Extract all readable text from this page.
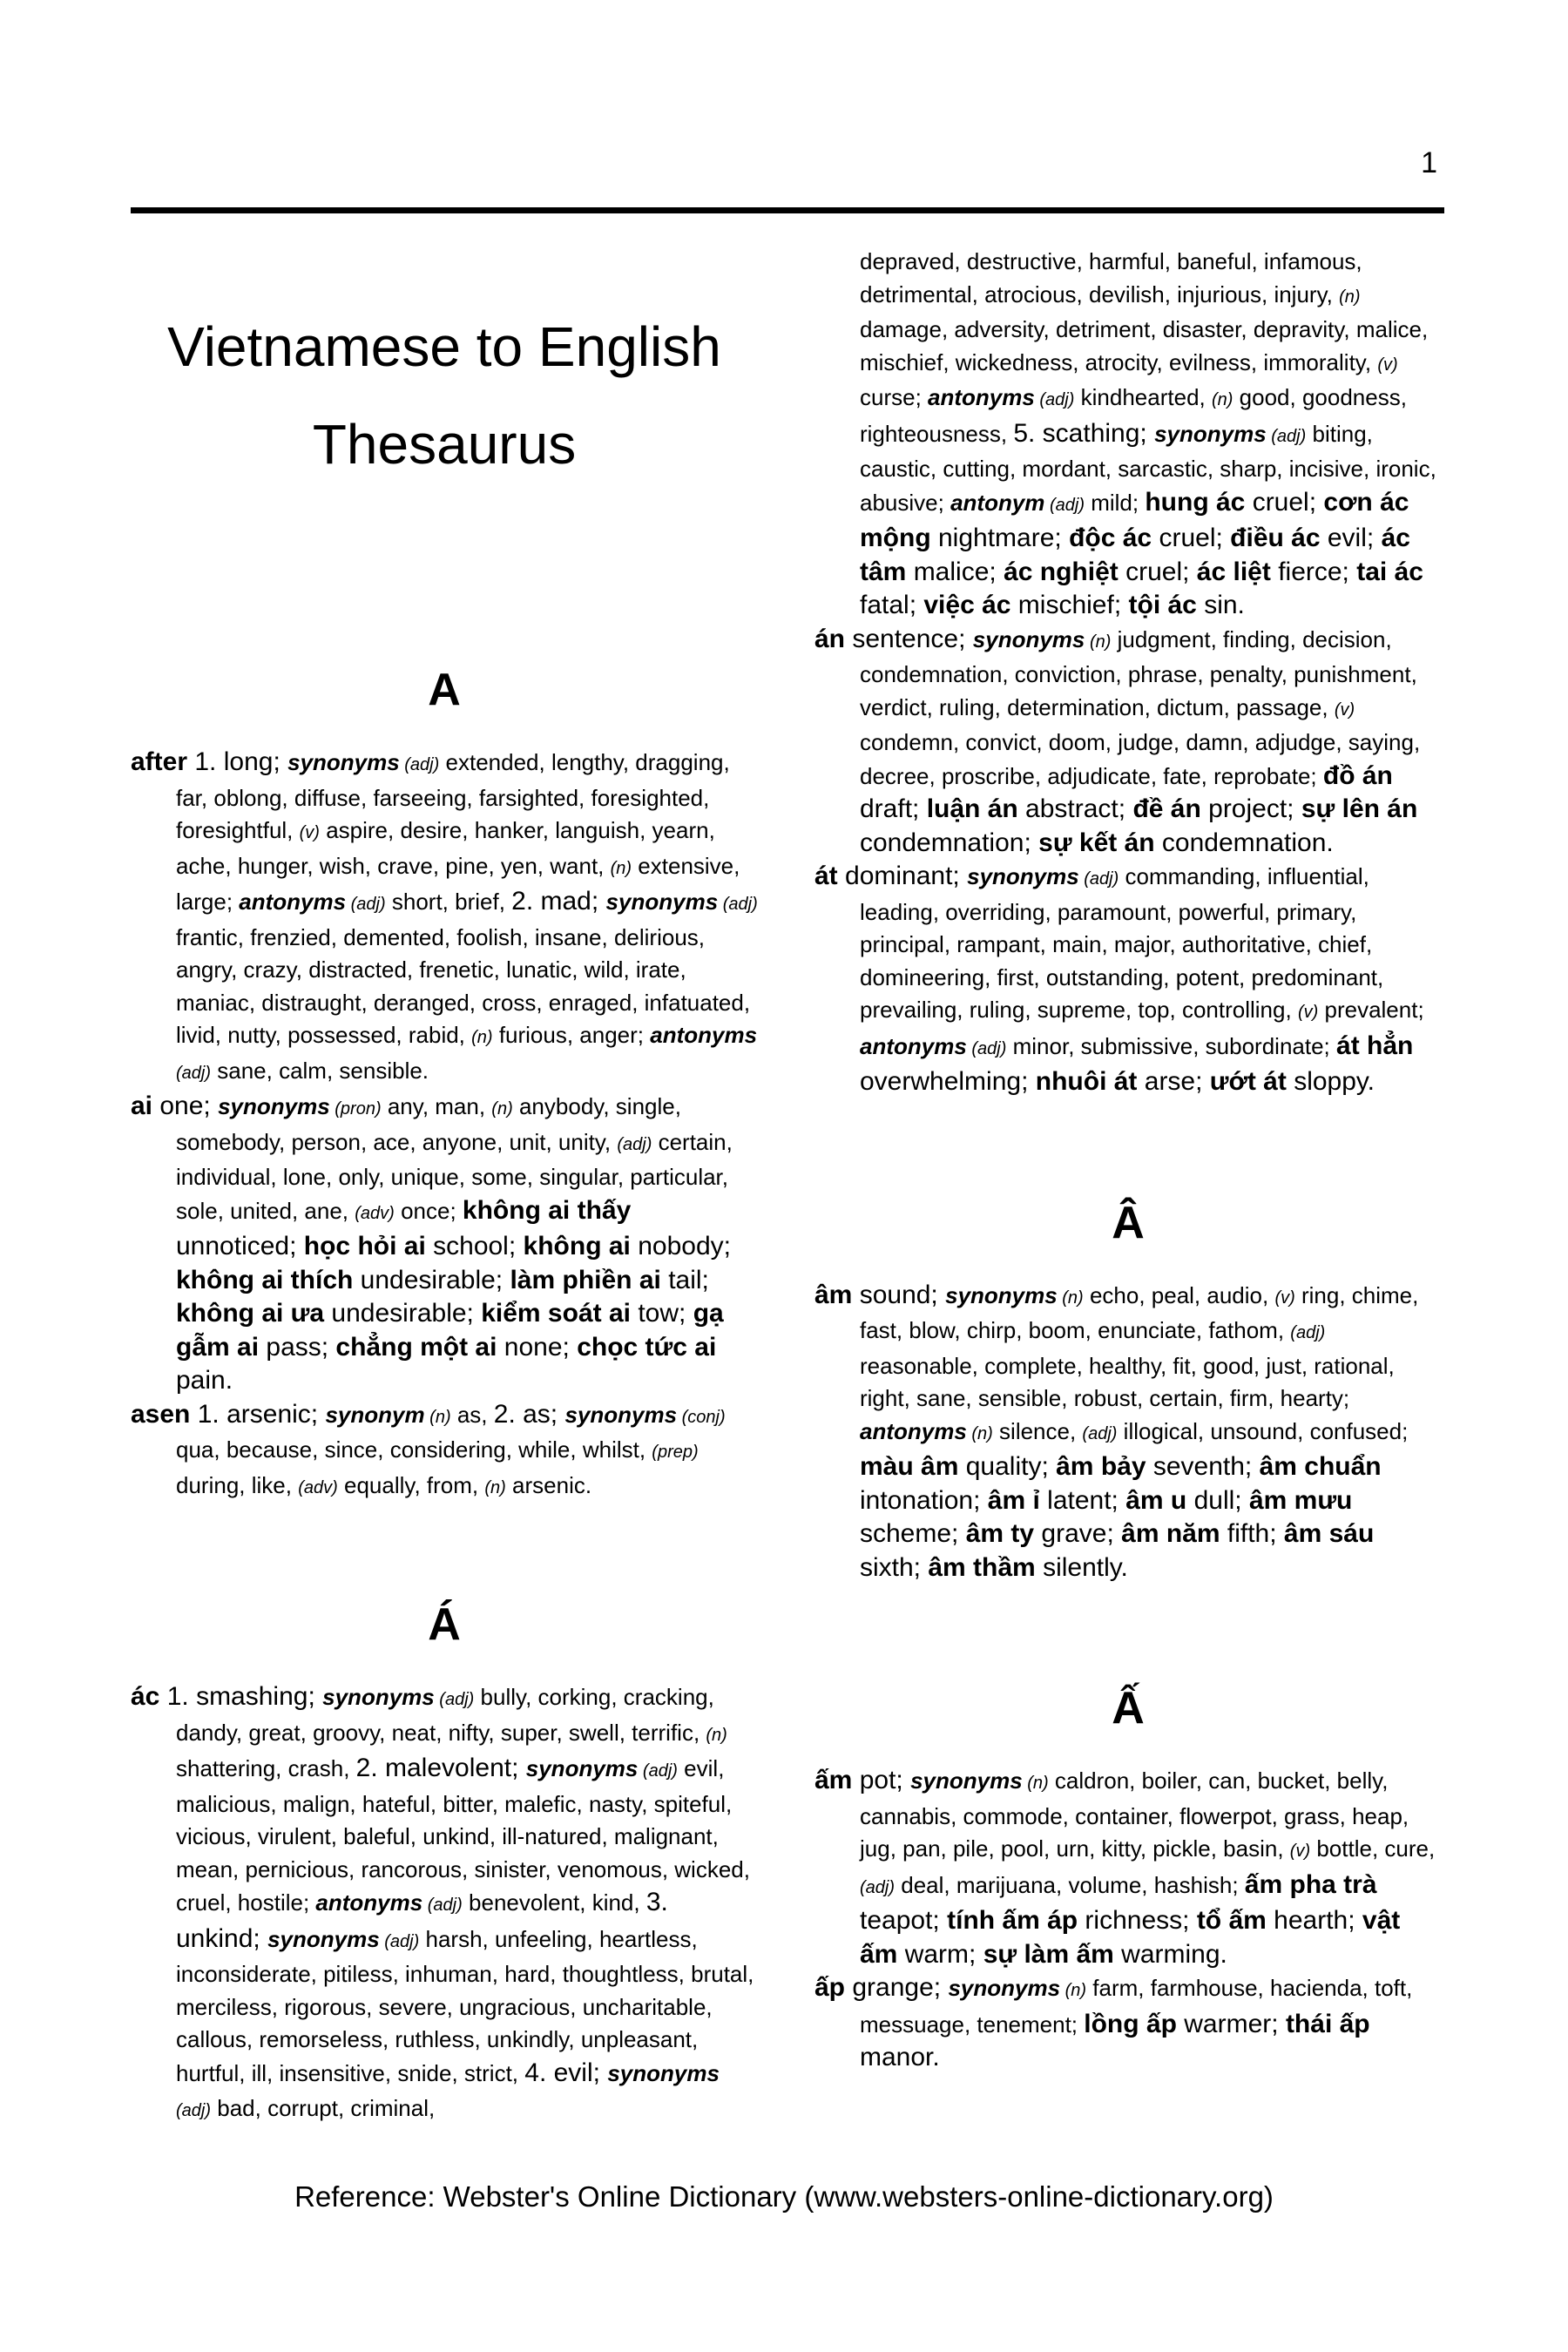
1
Vietnamese to English
Thesaurus
A

after 1. long; synonyms (adj) extended, lengthy, dragging, far, oblong, diffuse, farseeing, farsighted, foresighted, foresightful, (v) aspire, desire, hanker, languish, yearn, ache, hunger, wish, crave, pine, yen, want, (n) extensive, large; antonyms (adj) short, brief, 2. mad; synonyms (adj) frantic, frenzied, demented, foolish, insane, delirious, angry, crazy, distracted, frenetic, lunatic, wild, irate, maniac, distraught, deranged, cross, enraged, infatuated, livid, nutty, possessed, rabid, (n) furious, anger; antonyms (adj) sane, calm, sensible.

ai one; synonyms (pron) any, man, (n) anybody, single, somebody, person, ace, anyone, unit, unity, (adj) certain, individual, lone, only, unique, some, singular, particular, sole, united, ane, (adv) once; không ai thấy unnoticed; học hỏi ai school; không ai nobody; không ai thích undesirable; làm phiền ai tail; không ai ưa undesirable; kiểm soát ai tow; gạ gẫm ai pass; chẳng một ai none; chọc tức ai pain.

asen 1. arsenic; synonym (n) as, 2. as; synonyms (conj) qua, because, since, considering, while, whilst, (prep) during, like, (adv) equally, from, (n) arsenic.

Á

ác 1. smashing; synonyms (adj) bully, corking, cracking, dandy, great, groovy, neat, nifty, super, swell, terrific, (n) shattering, crash, 2. malevolent; synonyms (adj) evil, malicious, malign, hateful, bitter, malefic, nasty, spiteful, vicious, virulent, baleful, unkind, ill-natured, malignant, mean, pernicious, rancorous, sinister, venomous, wicked, cruel, hostile; antonyms (adj) benevolent, kind, 3. unkind; synonyms (adj) harsh, unfeeling, heartless, inconsiderate, pitiless, inhuman, hard, thoughtless, brutal, merciless, rigorous, severe, ungracious, uncharitable, callous, remorseless, ruthless, unkindly, unpleasant, hurtful, ill, insensitive, snide, strict, 4. evil; synonyms (adj) bad, corrupt, criminal,

depraved, destructive, harmful, baneful, infamous, detrimental, atrocious, devilish, injurious, injury, (n) damage, adversity, detriment, disaster, depravity, malice, mischief, wickedness, atrocity, evilness, immorality, (v) curse; antonyms (adj) kindhearted, (n) good, goodness, righteousness, 5. scathing; synonyms (adj) biting, caustic, cutting, mordant, sarcastic, sharp, incisive, ironic, abusive; antonym (adj) mild; hung ác cruel; cơn ác mộng nightmare; độc ác cruel; điều ác evil; ác tâm malice; ác nghiệt cruel; ác liệt fierce; tai ác fatal; việc ác mischief; tội ác sin.

án sentence; synonyms (n) judgment, finding, decision, condemnation, conviction, phrase, penalty, punishment, verdict, ruling, determination, dictum, passage, (v) condemn, convict, doom, judge, damn, adjudge, saying, decree, proscribe, adjudicate, fate, reprobate; đồ án draft; luận án abstract; đề án project; sự lên án condemnation; sự kết án condemnation.

át dominant; synonyms (adj) commanding, influential, leading, overriding, paramount, powerful, primary, principal, rampant, main, major, authoritative, chief, domineering, first, outstanding, potent, predominant, prevailing, ruling, supreme, top, controlling, (v) prevalent; antonyms (adj) minor, submissive, subordinate; át hẳn overwhelming; nhuôi át arse; ướt át sloppy.

Â

âm sound; synonyms (n) echo, peal, audio, (v) ring, chime, fast, blow, chirp, boom, enunciate, fathom, (adj) reasonable, complete, healthy, fit, good, just, rational, right, sane, sensible, robust, certain, firm, hearty; antonyms (n) silence, (adj) illogical, unsound, confused; màu âm quality; âm bảy seventh; âm chuẩn intonation; âm ỉ latent; âm u dull; âm mưu scheme; âm ty grave; âm năm fifth; âm sáu sixth; âm thầm silently.

Ấ

ấm pot; synonyms (n) caldron, boiler, can, bucket, belly, cannabis, commode, container, flowerpot, grass, heap, jug, pan, pile, pool, urn, kitty, pickle, basin, (v) bottle, cure, (adj) deal, marijuana, volume, hashish; ấm pha trà teapot; tính ấm áp richness; tổ ấm hearth; vật ấm warm; sự làm ấm warming.

ấp grange; synonyms (n) farm, farmhouse, hacienda, toft, messuage, tenement; lồng ấp warmer; thái ấp manor.

Reference: Webster's Online Dictionary (www.websters-online-dictionary.org)
